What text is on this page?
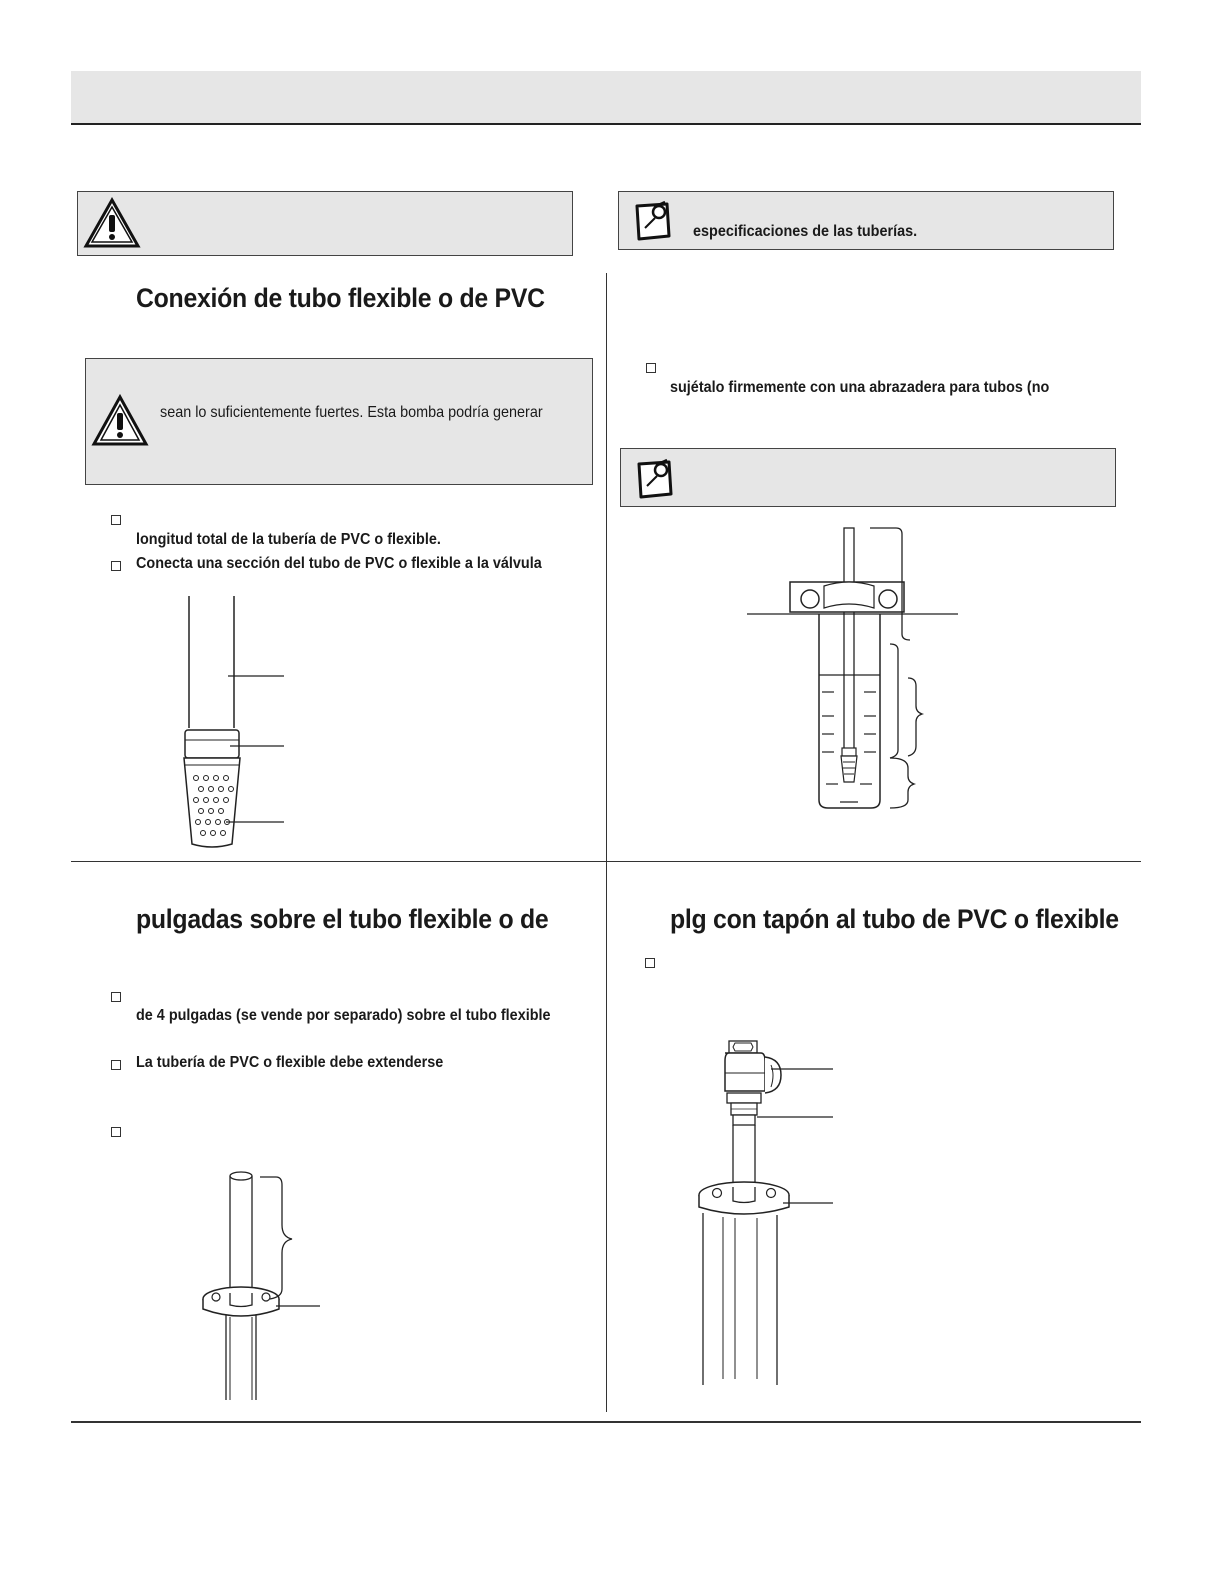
especificaciones de las tuberías.
Conexión de tubo flexible o de PVC
sean lo suficientemente fuertes. Esta bomba podría generar
longitud total de la tubería de PVC o flexible.
Conecta una sección del tubo de PVC o flexible a la válvula
sujétalo firmemente con una abrazadera para tubos (no
pulgadas sobre el tubo flexible o de
de 4 pulgadas (se vende por separado) sobre el tubo flexible
La tubería de PVC o flexible debe extenderse
plg con tapón al tubo de PVC o flexible
